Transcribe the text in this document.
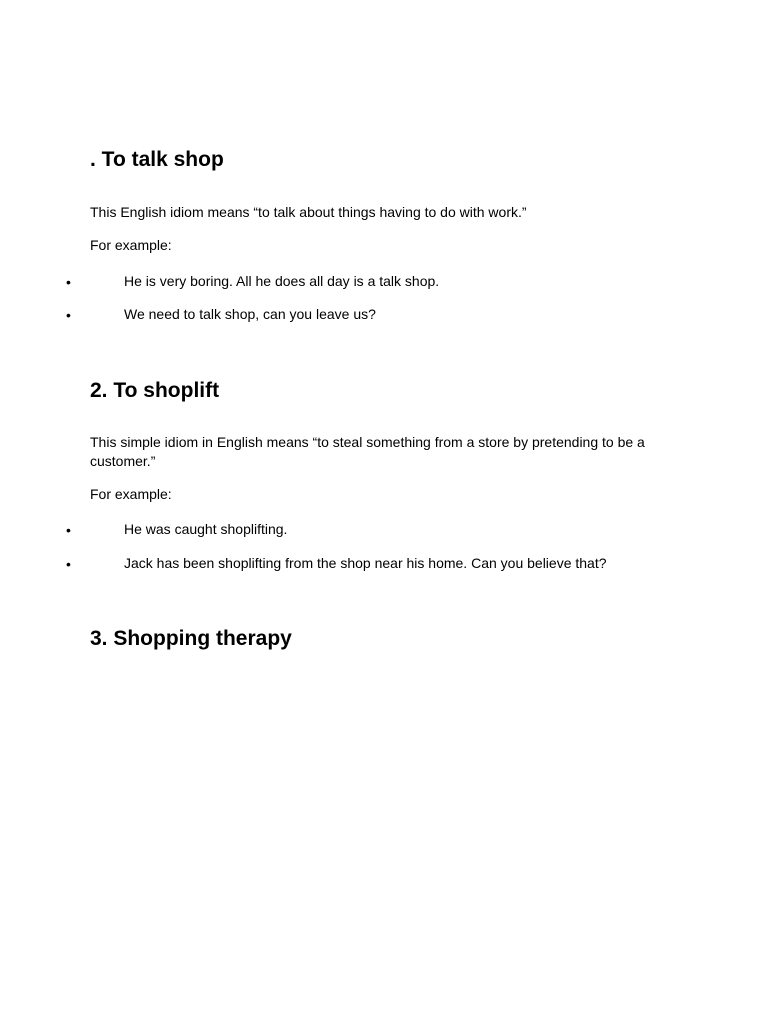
. To talk shop

This English idiom means “to talk about things having to do with work.”

For example:

•	He is very boring. All he does all day is a talk shop.
•	We need to talk shop, can you leave us?
2. To shoplift

This simple idiom in English means “to steal something from a store by pretending to be a customer.”

For example:

•	He was caught shoplifting.
•	Jack has been shoplifting from the shop near his home. Can you believe that?
3. Shopping therapy
